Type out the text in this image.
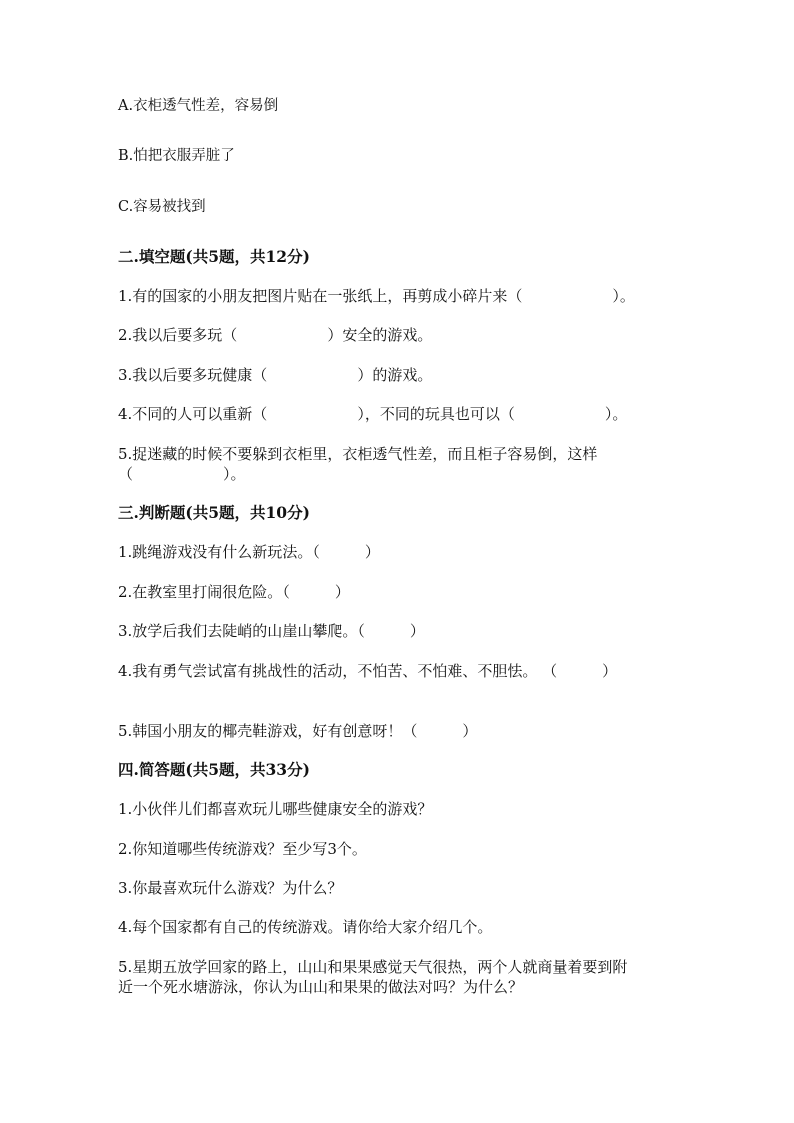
A.衣柜透气性差，容易倒
B.怕把衣服弄脏了
C.容易被找到
二.填空题(共5题，共12分)
1.有的国家的小朋友把图片贴在一张纸上，再剪成小碎片来（　　　　　　）。
2.我以后要多玩（　　　　　　）安全的游戏。
3.我以后要多玩健康（　　　　　　）的游戏。
4.不同的人可以重新（　　　　　　），不同的玩具也可以（　　　　　　）。
5.捉迷藏的时候不要躲到衣柜里，衣柜透气性差，而且柜子容易倒，这样
（　　　　　　）。
三.判断题(共5题，共10分)
1.跳绳游戏没有什么新玩法。（　　　）
2.在教室里打闹很危险。（　　　）
3.放学后我们去陡峭的山崖山攀爬。（　　　）
4.我有勇气尝试富有挑战性的活动，不怕苦、不怕难、不胆怯。 （　　　）
5.韩国小朋友的椰壳鞋游戏，好有创意呀！（　　　）
四.简答题(共5题，共33分)
1.小伙伴儿们都喜欢玩儿哪些健康安全的游戏？
2.你知道哪些传统游戏？至少写3个。
3.你最喜欢玩什么游戏？为什么？
4.每个国家都有自己的传统游戏。请你给大家介绍几个。
5.星期五放学回家的路上，山山和果果感觉天气很热，两个人就商量着要到附
近一个死水塘游泳，你认为山山和果果的做法对吗？为什么？
